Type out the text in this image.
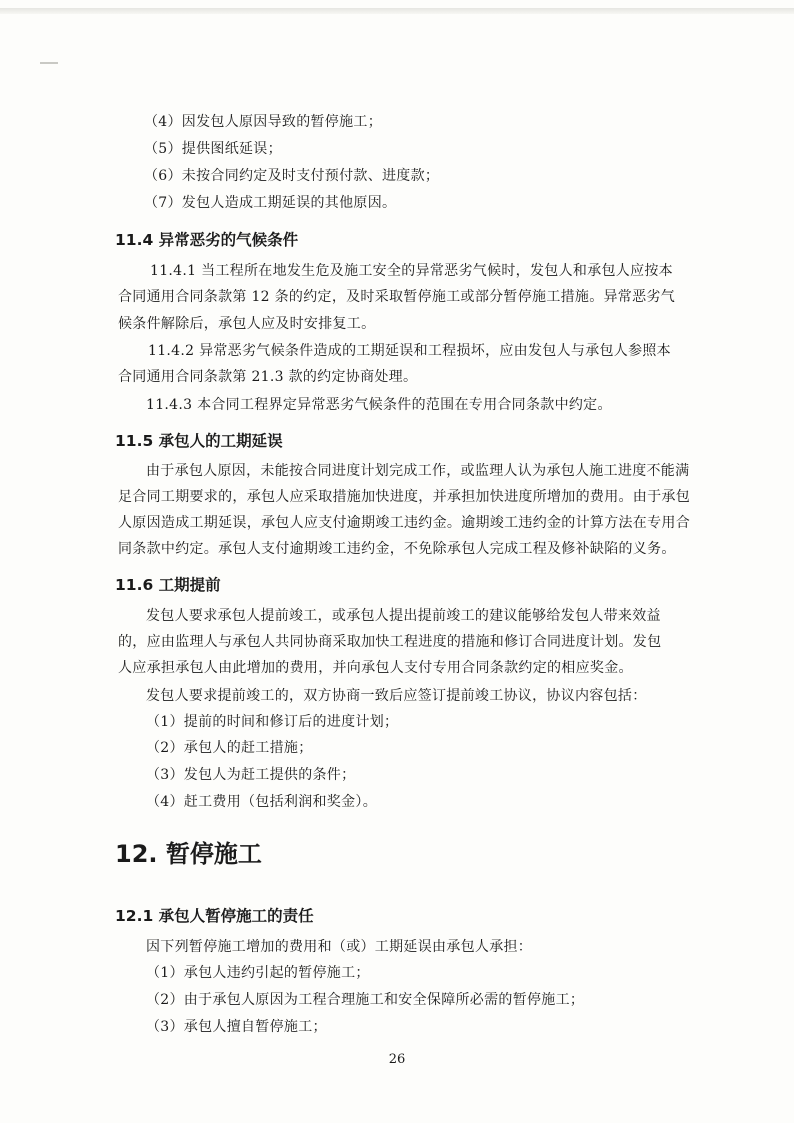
（4）因发包人原因导致的暂停施工；
（5）提供图纸延误；
（6）未按合同约定及时支付预付款、进度款；
（7）发包人造成工期延误的其他原因。
11.4 异常恶劣的气候条件
11.4.1 当工程所在地发生危及施工安全的异常恶劣气候时，发包人和承包人应按本
合同通用合同条款第 12 条的约定，及时采取暂停施工或部分暂停施工措施。异常恶劣气
候条件解除后，承包人应及时安排复工。
11.4.2 异常恶劣气候条件造成的工期延误和工程损坏，应由发包人与承包人参照本
合同通用合同条款第 21.3 款的约定协商处理。
11.4.3 本合同工程界定异常恶劣气候条件的范围在专用合同条款中约定。
11.5 承包人的工期延误
由于承包人原因，未能按合同进度计划完成工作，或监理人认为承包人施工进度不能满
足合同工期要求的，承包人应采取措施加快进度，并承担加快进度所增加的费用。由于承包
人原因造成工期延误，承包人应支付逾期竣工违约金。逾期竣工违约金的计算方法在专用合
同条款中约定。承包人支付逾期竣工违约金，不免除承包人完成工程及修补缺陷的义务。
11.6 工期提前
发包人要求承包人提前竣工，或承包人提出提前竣工的建议能够给发包人带来效益
的，应由监理人与承包人共同协商采取加快工程进度的措施和修订合同进度计划。发包
人应承担承包人由此增加的费用，并向承包人支付专用合同条款约定的相应奖金。
发包人要求提前竣工的，双方协商一致后应签订提前竣工协议，协议内容包括：
（1）提前的时间和修订后的进度计划；
（2）承包人的赶工措施；
（3）发包人为赶工提供的条件；
（4）赶工费用（包括利润和奖金）。
12. 暂停施工
12.1 承包人暂停施工的责任
因下列暂停施工增加的费用和（或）工期延误由承包人承担：
（1）承包人违约引起的暂停施工；
（2）由于承包人原因为工程合理施工和安全保障所必需的暂停施工；
（3）承包人擅自暂停施工；
26
